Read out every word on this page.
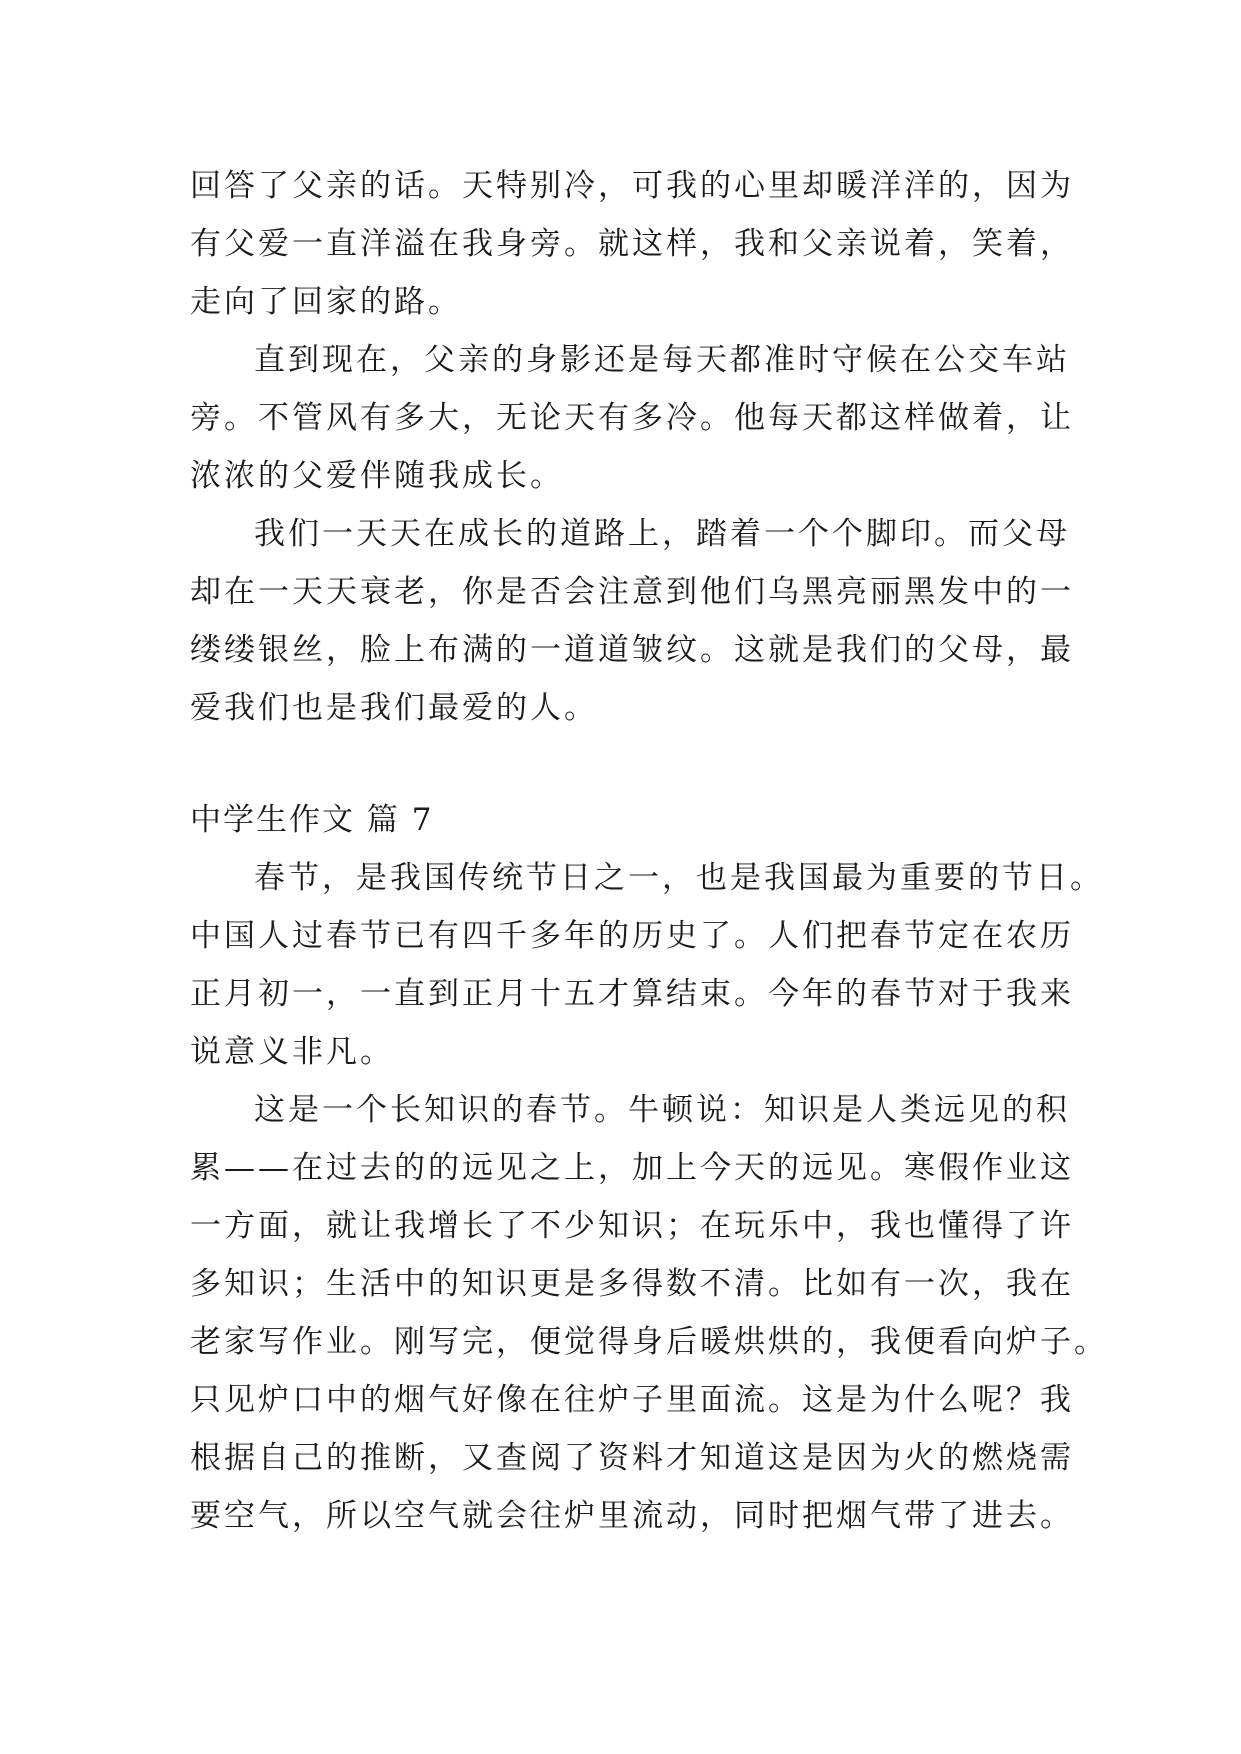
回答了父亲的话。天特别冷，可我的心里却暖洋洋的，因为
有父爱一直洋溢在我身旁。就这样，我和父亲说着，笑着，
走向了回家的路。
直到现在，父亲的身影还是每天都准时守候在公交车站
旁。不管风有多大，无论天有多冷。他每天都这样做着，让
浓浓的父爱伴随我成长。
我们一天天在成长的道路上，踏着一个个脚印。而父母
却在一天天衰老，你是否会注意到他们乌黑亮丽黑发中的一
缕缕银丝，脸上布满的一道道皱纹。这就是我们的父母，最
爱我们也是我们最爱的人。
中学生作文 篇 7
春节，是我国传统节日之一，也是我国最为重要的节日。
中国人过春节已有四千多年的历史了。人们把春节定在农历
正月初一，一直到正月十五才算结束。今年的春节对于我来
说意义非凡。
这是一个长知识的春节。牛顿说：知识是人类远见的积
累——在过去的的远见之上，加上今天的远见。寒假作业这
一方面，就让我增长了不少知识；在玩乐中，我也懂得了许
多知识；生活中的知识更是多得数不清。比如有一次，我在
老家写作业。刚写完，便觉得身后暖烘烘的，我便看向炉子。
只见炉口中的烟气好像在往炉子里面流。这是为什么呢？我
根据自己的推断，又查阅了资料才知道这是因为火的燃烧需
要空气，所以空气就会往炉里流动，同时把烟气带了进去。
